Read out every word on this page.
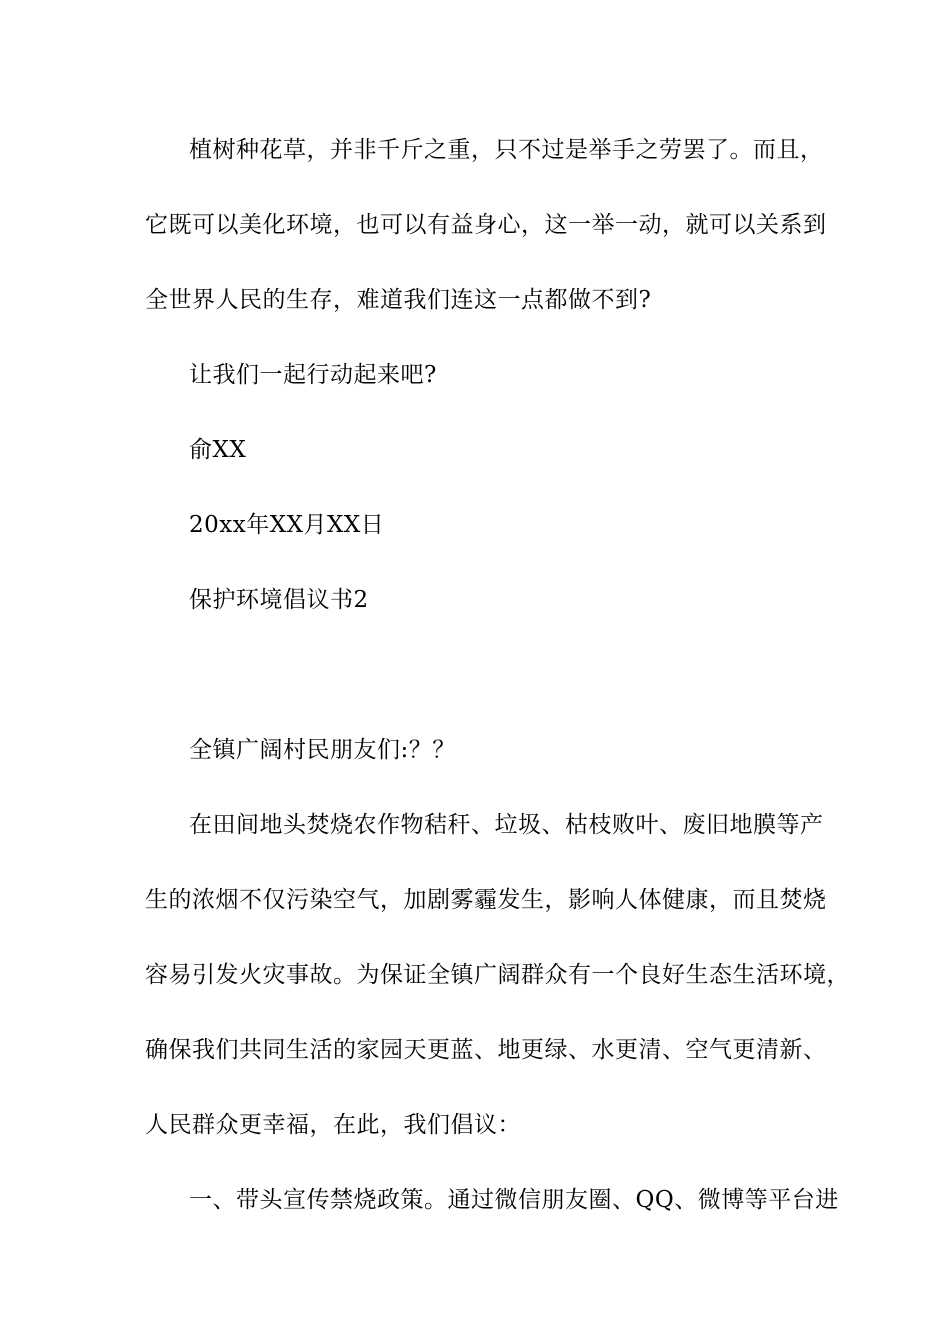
植树种花草，并非千斤之重，只不过是举手之劳罢了。而且，
它既可以美化环境，也可以有益身心，这一举一动，就可以关系到
全世界人民的生存，难道我们连这一点都做不到?
让我们一起行动起来吧?
俞XX
20xx年XX月XX日
保护环境倡议书2
全镇广阔村民朋友们:？？
在田间地头焚烧农作物秸秆、垃圾、枯枝败叶、废旧地膜等产
生的浓烟不仅污染空气，加剧雾霾发生，影响人体健康，而且焚烧
容易引发火灾事故。为保证全镇广阔群众有一个良好生态生活环境，
确保我们共同生活的家园天更蓝、地更绿、水更清、空气更清新、
人民群众更幸福，在此，我们倡议：
一、带头宣传禁烧政策。通过微信朋友圈、QQ、微博等平台进
